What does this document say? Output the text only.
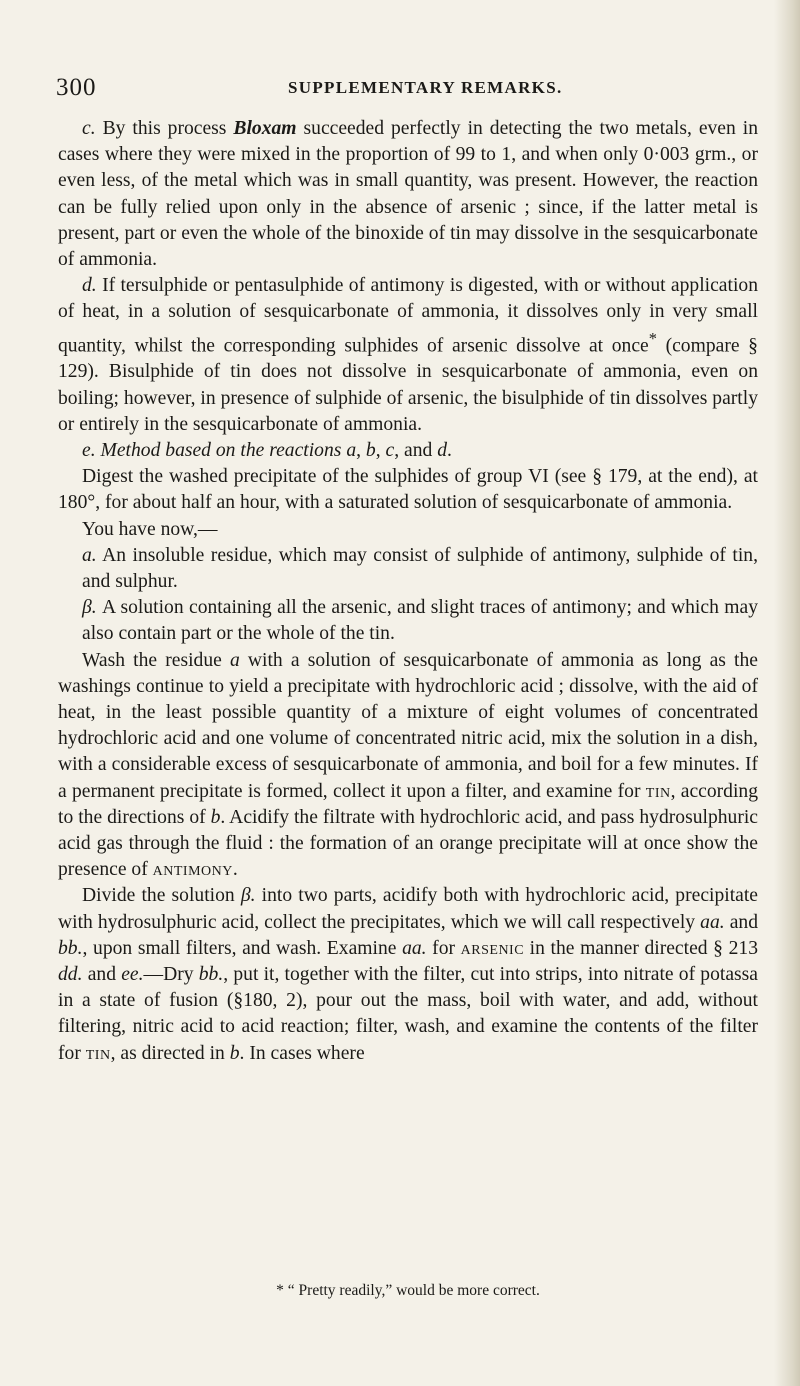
300	SUPPLEMENTARY REMARKS.

c. By this process Bloxam succeeded perfectly in detecting the two metals, even in cases where they were mixed in the proportion of 99 to 1, and when only 0·003 grm., or even less, of the metal which was in small quantity, was present. However, the reaction can be fully relied upon only in the absence of arsenic ; since, if the latter metal is present, part or even the whole of the binoxide of tin may dissolve in the sesquicarbonate of ammonia.

d. If tersulphide or pentasulphide of antimony is digested, with or without application of heat, in a solution of sesquicarbonate of ammonia, it dissolves only in very small quantity, whilst the corresponding sulphides of arsenic dissolve at once* (compare § 129). Bisulphide of tin does not dissolve in sesquicarbonate of ammonia, even on boiling; however, in presence of sulphide of arsenic, the bisulphide of tin dissolves partly or entirely in the sesquicarbonate of ammonia.

e. Method based on the reactions a, b, c, and d.

Digest the washed precipitate of the sulphides of group VI (see § 179, at the end), at 180°, for about half an hour, with a saturated solution of sesquicarbonate of ammonia.

You have now,—

a. An insoluble residue, which may consist of sulphide of antimony, sulphide of tin, and sulphur.

β. A solution containing all the arsenic, and slight traces of antimony; and which may also contain part or the whole of the tin.

Wash the residue a with a solution of sesquicarbonate of ammonia as long as the washings continue to yield a precipitate with hydrochloric acid ; dissolve, with the aid of heat, in the least possible quantity of a mixture of eight volumes of concentrated hydrochloric acid and one volume of concentrated nitric acid, mix the solution in a dish, with a considerable excess of sesquicarbonate of ammonia, and boil for a few minutes. If a permanent precipitate is formed, collect it upon a filter, and examine for tin, according to the directions of b. Acidify the filtrate with hydrochloric acid, and pass hydrosulphuric acid gas through the fluid : the formation of an orange precipitate will at once show the presence of antimony.

Divide the solution β. into two parts, acidify both with hydrochloric acid, precipitate with hydrosulphuric acid, collect the precipitates, which we will call respectively aa. and bb., upon small filters, and wash. Examine aa. for arsenic in the manner directed § 213 dd. and ee.—Dry bb., put it, together with the filter, cut into strips, into nitrate of potassa in a state of fusion (§180, 2), pour out the mass, boil with water, and add, without filtering, nitric acid to acid reaction; filter, wash, and examine the contents of the filter for tin, as directed in b. In cases where

* “ Pretty readily,” would be more correct.
